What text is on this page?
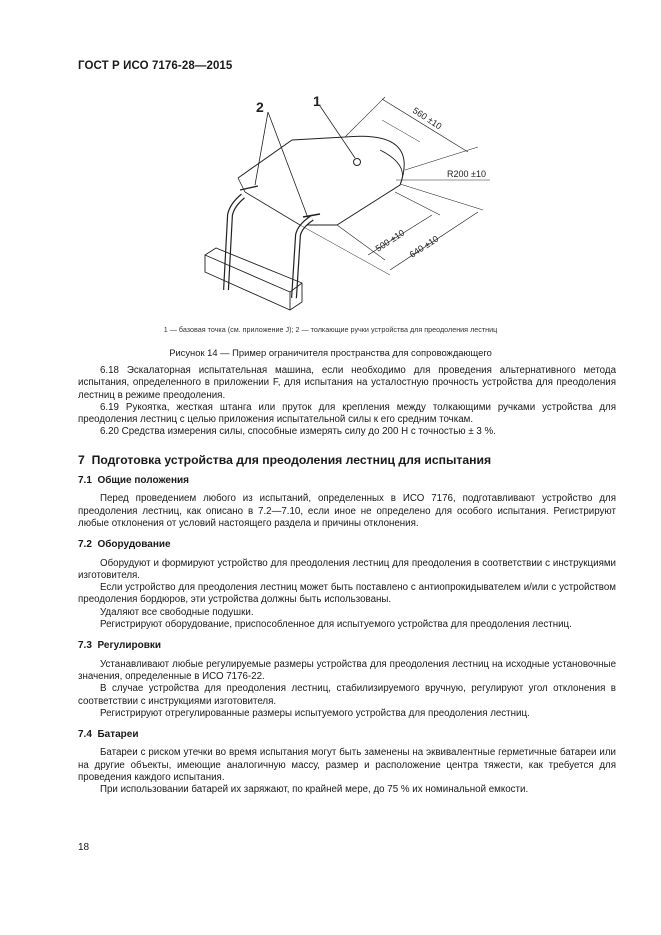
ГОСТ Р ИСО 7176-28—2015
2	1
560 ±10
R200 ±10
500 ±10 640 ±10
1 — базовая точка (см. приложение J); 2 — толкающие ручки устройства для преодоления лестниц
Рисунок 14 — Пример ограничителя пространства для сопровождающего

6.18 Эскалаторная испытательная машина, если необходимо для проведения альтернативного метода испытания, определенного в приложении F, для испытания на усталостную прочность устройства для преодоления лестниц в режиме преодоления.

6.19 Рукоятка, жесткая штанга или пруток для крепления между толкающими ручками устройства для преодоления лестниц с целью приложения испытательной силы к его средним точкам.

6.20 Средства измерения силы, способные измерять силу до 200 Н с точностью ± 3 %.

7 Подготовка устройства для преодоления лестниц для испытания
7.1 Общие положения

Перед проведением любого из испытаний, определенных в ИСО 7176, подготавливают устройство для преодоления лестниц, как описано в 7.2—7.10, если иное не определено для особого испытания. Регистрируют любые отклонения от условий настоящего раздела и причины отклонения.

7.2 Оборудование

Оборудуют и формируют устройство для преодоления лестниц для преодоления в соответствии с инструкциями изготовителя.

Если устройство для преодоления лестниц может быть поставлено с антиопрокидывателем и/или с устройством преодоления бордюров, эти устройства должны быть использованы.

Удаляют все свободные подушки.

Регистрируют оборудование, приспособленное для испытуемого устройства для преодоления лестниц.

7.3 Регулировки

Устанавливают любые регулируемые размеры устройства для преодоления лестниц на исходные установочные значения, определенные в ИСО 7176-22.

В случае устройства для преодоления лестниц, стабилизируемого вручную, регулируют угол отклонения в соответствии с инструкциями изготовителя.

Регистрируют отрегулированные размеры испытуемого устройства для преодоления лестниц.

7.4 Батареи

Батареи с риском утечки во время испытания могут быть заменены на эквивалентные герметичные батареи или на другие объекты, имеющие аналогичную массу, размер и расположение центра тяжести, как требуется для проведения каждого испытания.

При использовании батарей их заряжают, по крайней мере, до 75 % их номинальной емкости.

18
